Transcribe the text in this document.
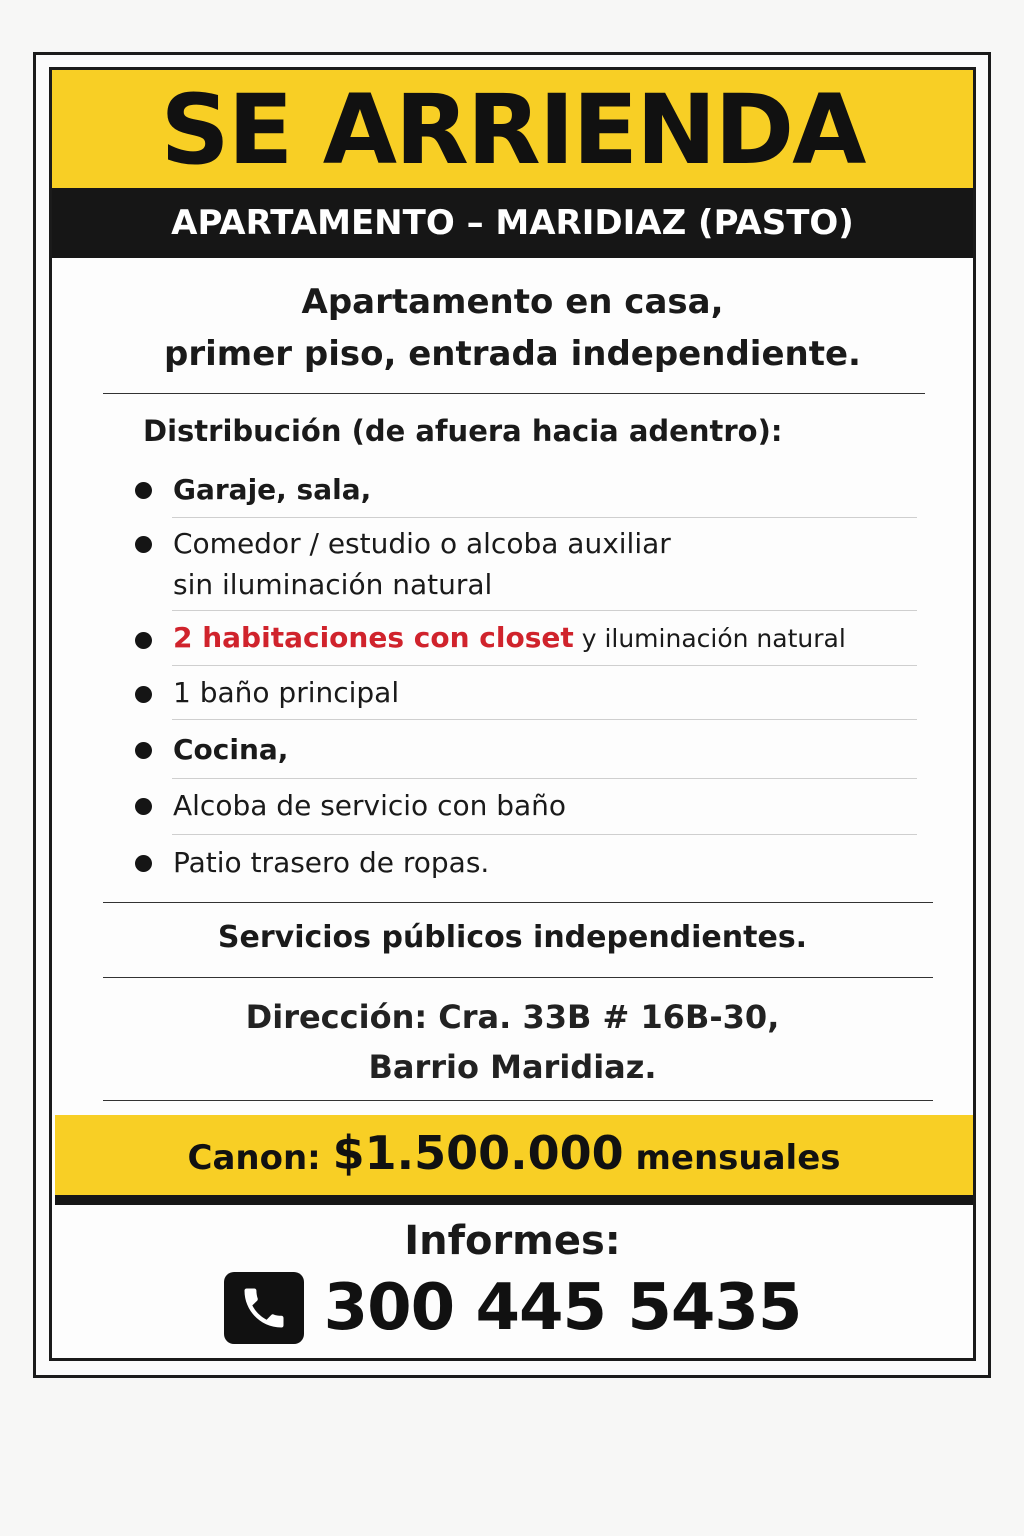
SE ARRIENDA
APARTAMENTO – MARIDIAZ (PASTO)
Apartamento en casa,
primer piso, entrada independiente.
Distribución (de afuera hacia adentro):
Garaje, sala,
Comedor / estudio o alcoba auxiliar
sin iluminación natural
2 habitaciones con closet y iluminación natural
1 baño principal
Cocina,
Alcoba de servicio con baño
Patio trasero de ropas.
Servicios públicos independientes.
Dirección: Cra. 33B # 16B-30,
Barrio Maridiaz.
Canon: $1.500.000 mensuales
Informes:
300 445 5435
